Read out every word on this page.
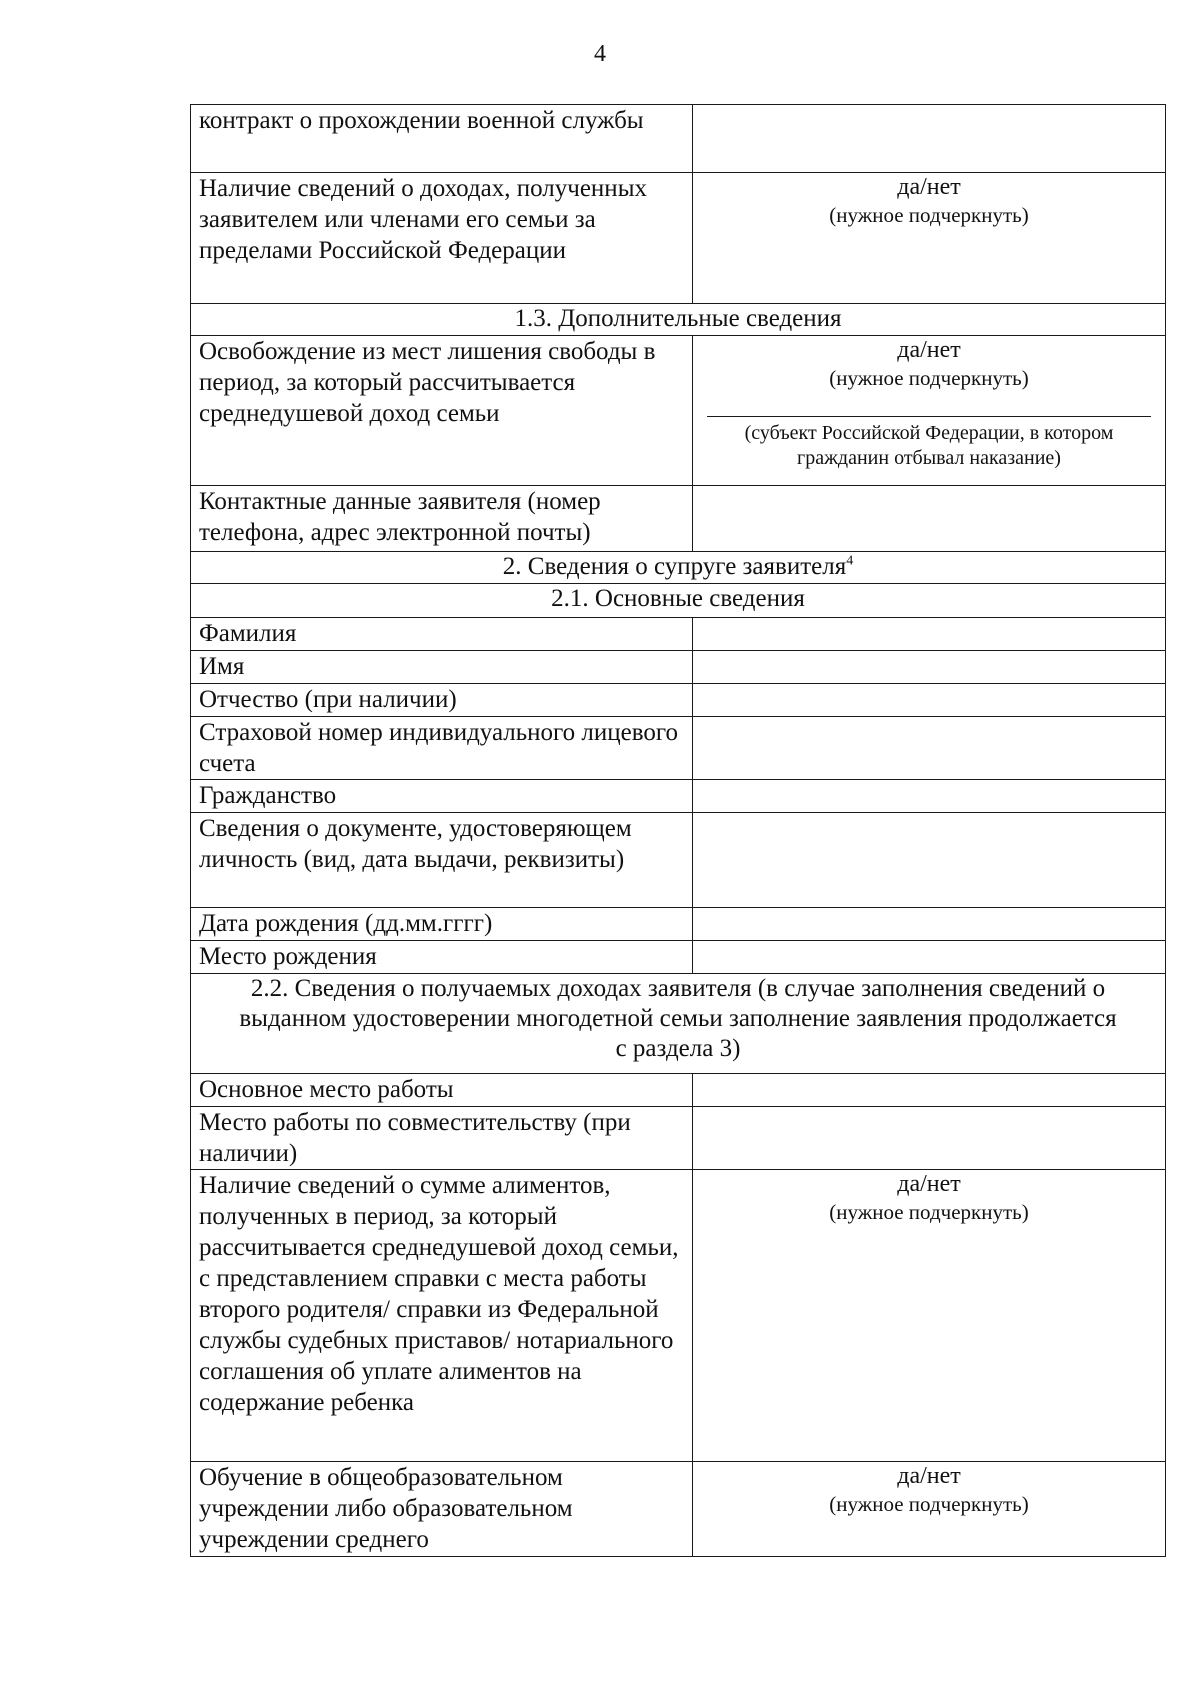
4
контракт о прохождении военной службы	
Наличие сведений о доходах, полученных заявителем или членами его семьи за пределами Российской Федерации	да/нет
(нужное подчеркнуть)

1.3. Дополнительные сведения	
Освобождение из мест лишения свободы в период, за который рассчитывается среднедушевой доход семьи	да/нет
(нужное подчеркнуть)
(субъект Российской Федерации, в котором гражданин отбывал наказание)

Контактные данные заявителя (номер телефона, адрес электронной почты)	
2. Сведения о супруге заявителя$^4$
2.1. Основные сведения	
Фамилия	
Имя	
Отчество (при наличии)	
Страховой номер индивидуального лицевого счета	
Гражданство	
Сведения о документе, удостоверяющем личность (вид, дата выдачи, реквизиты)	
Дата рождения (дд.мм.гггг)	
Место рождения	
2.2. Сведения о получаемых доходах заявителя (в случае заполнения сведений о выданном удостоверении многодетной семьи заполнение заявления продолжается с раздела 3)	
Основное место работы	
Место работы по совместительству (при наличии)	
Наличие сведений о сумме алиментов, полученных в период, за который рассчитывается среднедушевой доход семьи, с представлением справки с места работы второго родителя/ справки из Федеральной службы судебных приставов/ нотариального соглашения об уплате алиментов на содержание ребенка	да/нет
(нужное подчеркнуть)

Обучение в общеобразовательном учреждении либо образовательном учреждении среднего	да/нет
(нужное подчеркнуть)
